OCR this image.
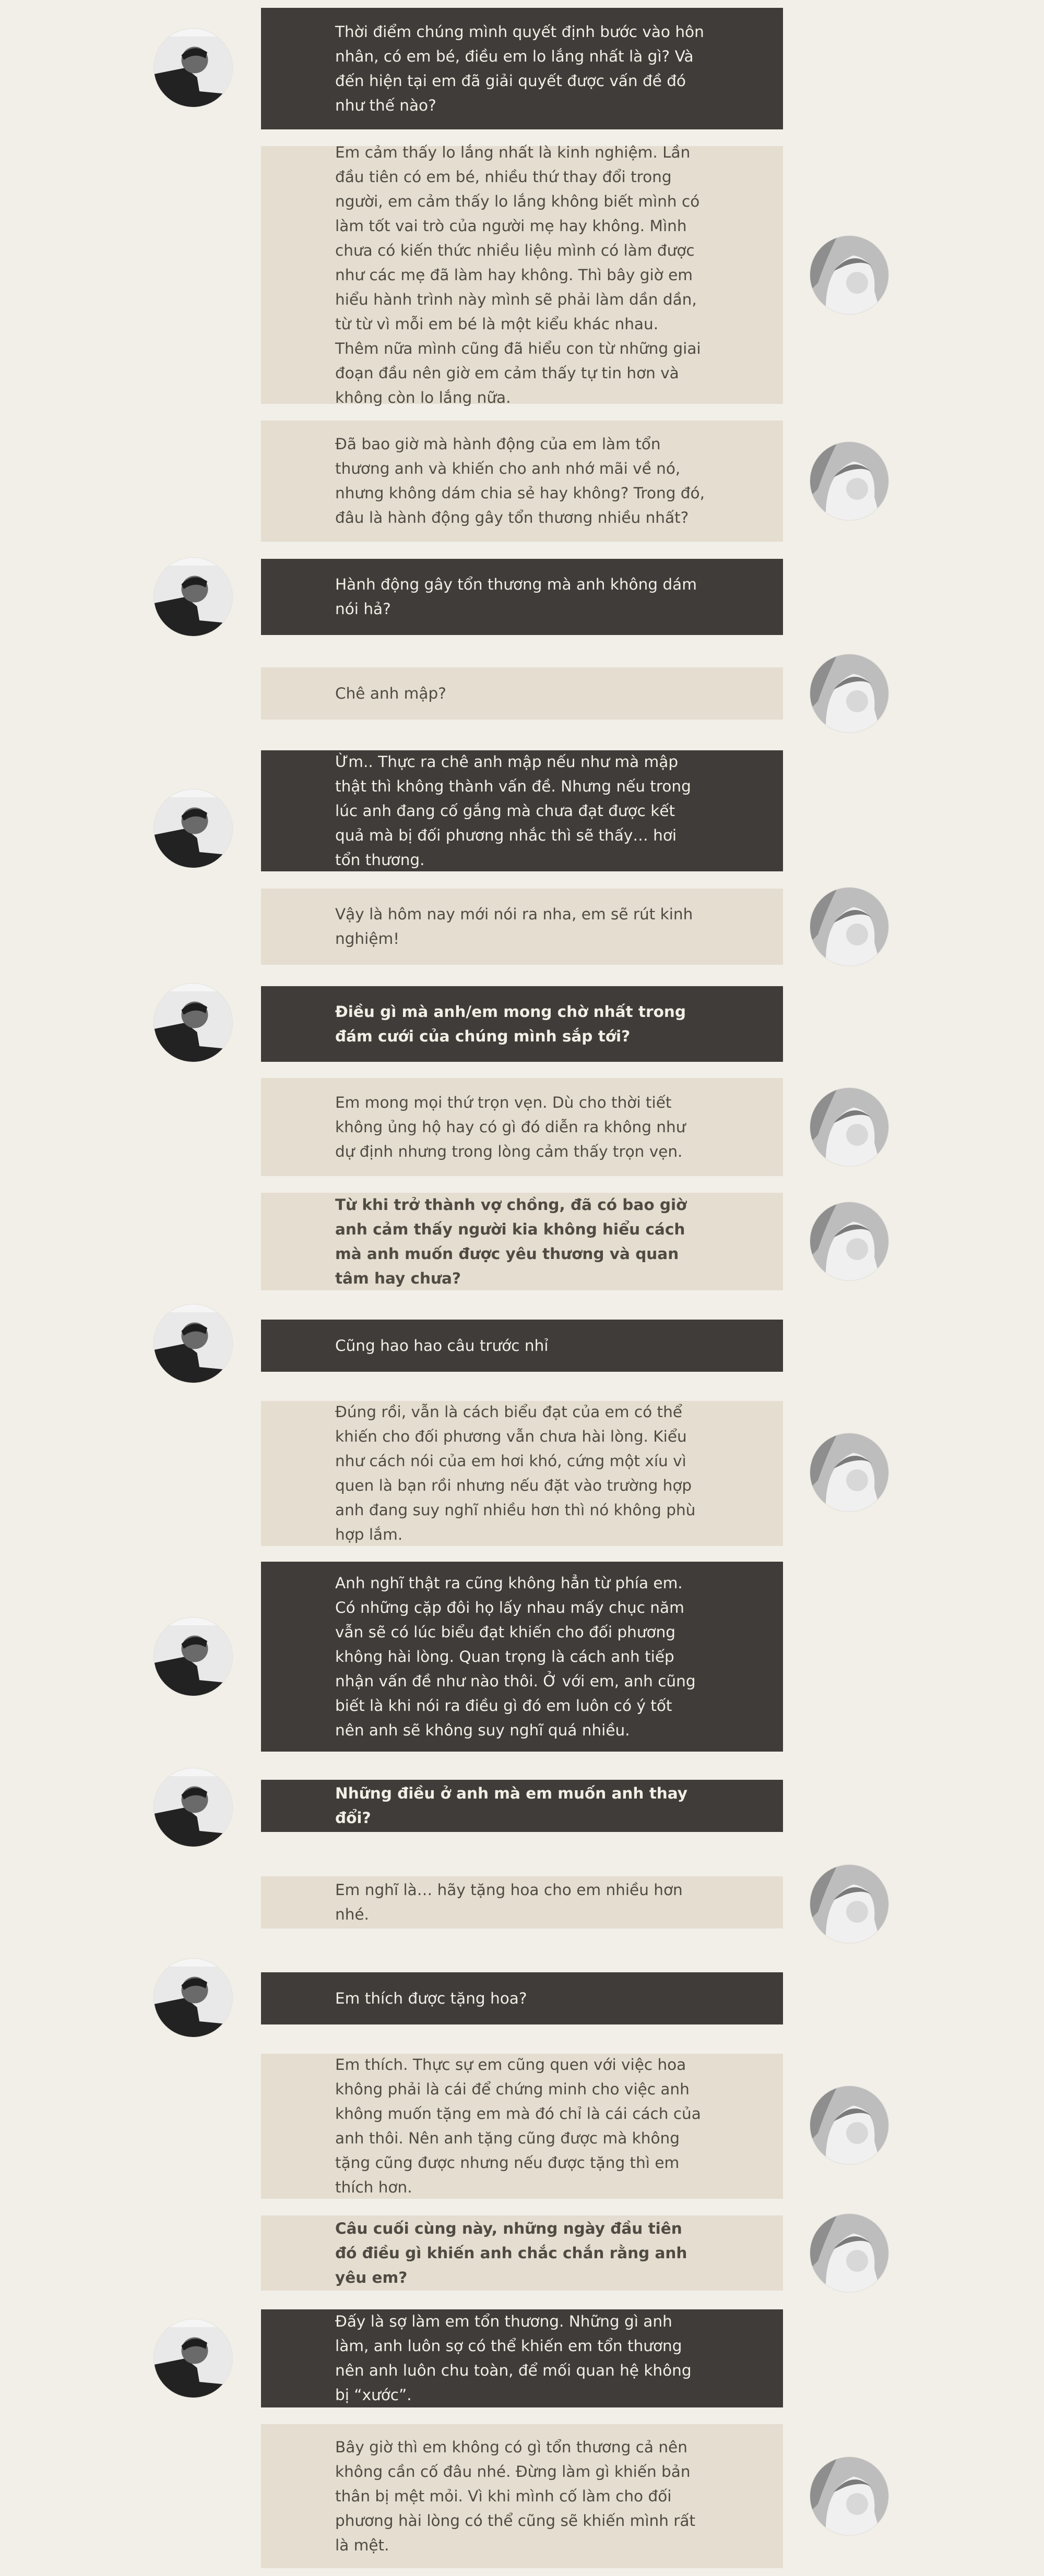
Thời điểm chúng mình quyết định bước vào hôn nhân, có em bé, điều em lo lắng nhất là gì? Và đến hiện tại em đã giải quyết được vấn đề đó như thế nào?
Em cảm thấy lo lắng nhất là kinh nghiệm. Lần đầu tiên có em bé, nhiều thứ thay đổi trong người, em cảm thấy lo lắng không biết mình có làm tốt vai trò của người mẹ hay không. Mình chưa có kiến thức nhiều liệu mình có làm được như các mẹ đã làm hay không. Thì bây giờ em hiểu hành trình này mình sẽ phải làm dần dần, từ từ vì mỗi em bé là một kiểu khác nhau. Thêm nữa mình cũng đã hiểu con từ những giai đoạn đầu nên giờ em cảm thấy tự tin hơn và không còn lo lắng nữa.
Đã bao giờ mà hành động của em làm tổn thương anh và khiến cho anh nhớ mãi về nó, nhưng không dám chia sẻ hay không? Trong đó, đâu là hành động gây tổn thương nhiều nhất?
Hành động gây tổn thương mà anh không dám nói hả?
Chê anh mập?
Ừm.. Thực ra chê anh mập nếu như mà mập thật thì không thành vấn đề. Nhưng nếu trong lúc anh đang cố gắng mà chưa đạt được kết quả mà bị đối phương nhắc thì sẽ thấy… hơi tổn thương.
Vậy là hôm nay mới nói ra nha, em sẽ rút kinh nghiệm!
Điều gì mà anh/em mong chờ nhất trong đám cưới của chúng mình sắp tới?
Em mong mọi thứ trọn vẹn. Dù cho thời tiết không ủng hộ hay có gì đó diễn ra không như dự định nhưng trong lòng cảm thấy trọn vẹn.
Từ khi trở thành vợ chồng, đã có bao giờ anh cảm thấy người kia không hiểu cách mà anh muốn được yêu thương và quan tâm hay chưa?
Cũng hao hao câu trước nhỉ
Đúng rồi, vẫn là cách biểu đạt của em có thể khiến cho đối phương vẫn chưa hài lòng. Kiểu như cách nói của em hơi khó, cứng một xíu vì quen là bạn rồi nhưng nếu đặt vào trường hợp anh đang suy nghĩ nhiều hơn thì nó không phù hợp lắm.
Anh nghĩ thật ra cũng không hẳn từ phía em. Có những cặp đôi họ lấy nhau mấy chục năm vẫn sẽ có lúc biểu đạt khiến cho đối phương không hài lòng. Quan trọng là cách anh tiếp nhận vấn đề như nào thôi. Ở với em, anh cũng biết là khi nói ra điều gì đó em luôn có ý tốt nên anh sẽ không suy nghĩ quá nhiều.
Những điều ở anh mà em muốn anh thay đổi?
Em nghĩ là… hãy tặng hoa cho em nhiều hơn nhé.
Em thích được tặng hoa?
Em thích. Thực sự em cũng quen với việc hoa không phải là cái để chứng minh cho việc anh không muốn tặng em mà đó chỉ là cái cách của anh thôi. Nên anh tặng cũng được mà không tặng cũng được nhưng nếu được tặng thì em thích hơn.
Câu cuối cùng này, những ngày đầu tiên đó điều gì khiến anh chắc chắn rằng anh yêu em?
Đấy là sợ làm em tổn thương. Những gì anh làm, anh luôn sợ có thể khiến em tổn thương nên anh luôn chu toàn, để mối quan hệ không bị “xước”.
Bây giờ thì em không có gì tổn thương cả nên không cần cố đâu nhé. Đừng làm gì khiến bản thân bị mệt mỏi. Vì khi mình cố làm cho đối phương hài lòng có thể cũng sẽ khiến mình rất là mệt.
